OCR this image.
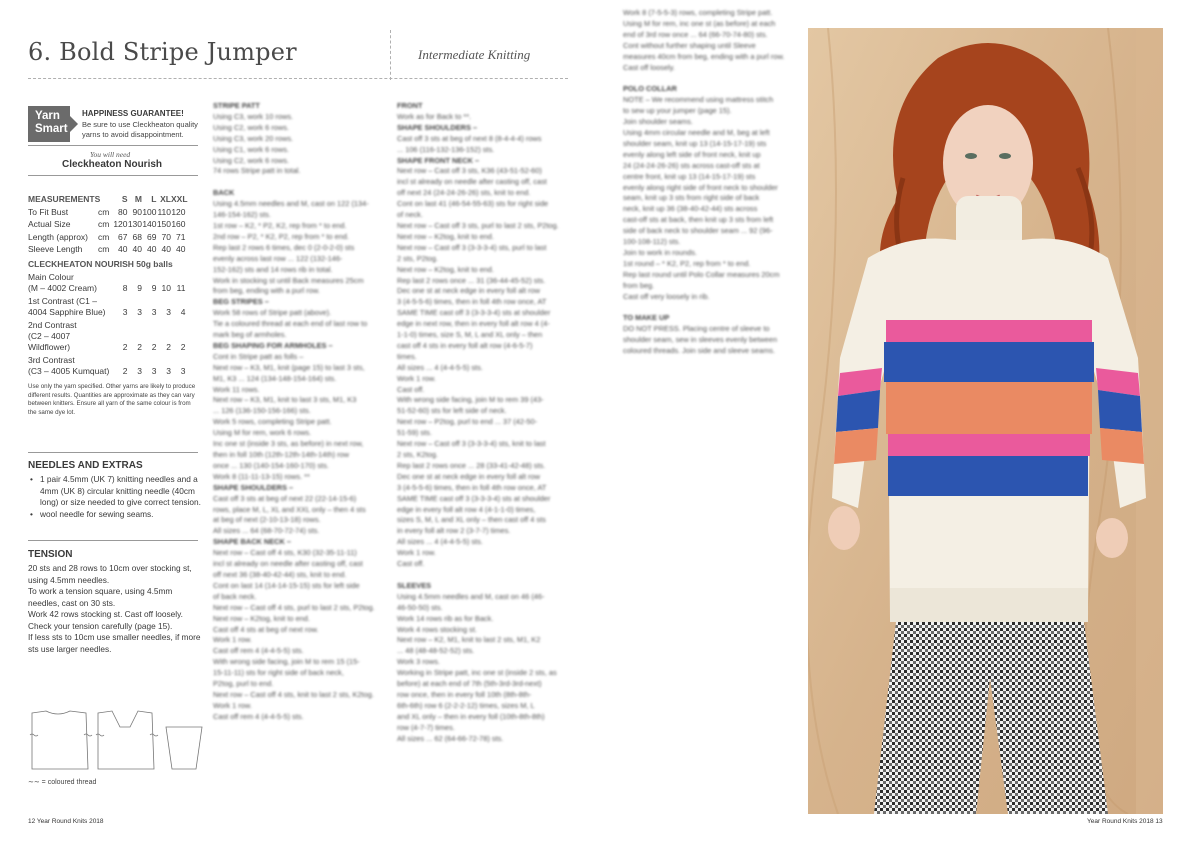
6. Bold Stripe Jumper	Intermediate Knitting
Yarn
Smart
HAPPINESS GUARANTEE!
Be sure to use Cleckheaton quality yarns to avoid disappointment.
You will need
Cleckheaton Nourish
MEASUREMENTS	S M	L XL XXL
To Fit Bust	cm	80 90 100 110 120
Actual Size	cm 120 130 140 150 160
Length (approx)	cm	67 68 69 70 71
Sleeve Length	cm	40 40 40 40 40
CLECKHEATON NOURISH 50g balls
Main Colour
(M – 4002 Cream)	8	9	9 10 11
1st Contrast (C1 –
4004 Sapphire Blue)	3	3	3	3	4
2nd Contrast
(C2 – 4007 Wildflower)	2	2	2	2	2
3rd Contrast
(C3 – 4005 Kumquat)	2	3	3	3	3
Use only the yarn specified. Other yarns are likely to produce different results. Quantities are approximate as they can vary between knitters. Ensure all yarn of the same colour is from the same dye lot.
NEEDLES AND EXTRAS
• 1 pair 4.5mm (UK 7) knitting needles and a 4mm (UK 8) circular knitting needle (40cm long) or size needed to give correct tension.
• wool needle for sewing seams.
TENSION
20 sts and 28 rows to 10cm over stocking st, using 4.5mm needles.
To work a tension square, using 4.5mm needles, cast on 30 sts.
Work 42 rows stocking st. Cast off loosely.
Check your tension carefully (page 15).
If less sts to 10cm use smaller needles, if more sts use larger needles.
∼∼ = coloured thread

STRIPE PATT

Using C3, work 10 rows.

Using C2, work 6 rows.

Using C3, work 20 rows.

Using C1, work 6 rows.

Using C2, work 6 rows.

74 rows Stripe patt in total.

BACK

Using 4.5mm needles and M, cast on 122 (134-

146-154-162) sts.

1st row – K2, * P2, K2, rep from * to end.

2nd row – P2, * K2, P2, rep from * to end.

Rep last 2 rows 6 times, dec 0 (2-0-2-0) sts

evenly across last row ... 122 (132-146-

152-162) sts and 14 rows rib in total.

Work in stocking st until Back measures 25cm

from beg, ending with a purl row.

BEG STRIPES –

Work 58 rows of Stripe patt (above).

Tie a coloured thread at each end of last row to

mark beg of armholes.

BEG SHAPING FOR ARMHOLES –

Cont in Stripe patt as folls –

Next row – K3, M1, knit (page 15) to last 3 sts,

M1, K3 ... 124 (134-148-154-164) sts.

Work 11 rows.

Next row – K3, M1, knit to last 3 sts, M1, K3

... 126 (136-150-156-166) sts.

Work 5 rows, completing Stripe patt.

Using M for rem, work 6 rows.

Inc one st (inside 3 sts, as before) in next row,

then in foll 10th (12th-12th-14th-14th) row

once ... 130 (140-154-160-170) sts.

Work 8 (11-11-13-15) rows. **

SHAPE SHOULDERS –

Cast off 3 sts at beg of next 22 (22-14-15-6)

rows, place M, L, XL and XXL only – then 4 sts

at beg of next (2-10-13-18) rows.

All sizes ... 64 (68-70-72-74) sts.

SHAPE BACK NECK –

Next row – Cast off 4 sts, K30 (32-35-11-11)

incl st already on needle after casting off, cast

off next 36 (38-40-42-44) sts, knit to end.

Cont on last 14 (14-14-15-15) sts for left side

of back neck.

Next row – Cast off 4 sts, purl to last 2 sts, P2tog.

Next row – K2tog, knit to end.

Cast off 4 sts at beg of next row.

Work 1 row.

Cast off rem 4 (4-4-5-5) sts.

With wrong side facing, join M to rem 15 (15-

15-11-11) sts for right side of back neck,

P2tog, purl to end.

Next row – Cast off 4 sts, knit to last 2 sts, K2tog.

Work 1 row.

Cast off rem 4 (4-4-5-5) sts.

FRONT

Work as for Back to **.

SHAPE SHOULDERS –

Cast off 3 sts at beg of next 8 (8-4-4-4) rows

... 106 (116-132-136-152) sts.

SHAPE FRONT NECK –

Next row – Cast off 3 sts, K36 (43-51-52-60)

incl st already on needle after casting off, cast

off next 24 (24-24-26-26) sts, knit to end.

Cont on last 41 (46-54-55-63) sts for right side

of neck.

Next row – Cast off 3 sts, purl to last 2 sts, P2tog.

Next row – K2tog, knit to end.

Next row – Cast off 3 (3-3-3-4) sts, purl to last

2 sts, P2tog.

Next row – K2tog, knit to end.

Rep last 2 rows once ... 31 (36-44-45-52) sts.

Dec one st at neck edge in every foll alt row

3 (4-5-5-6) times, then in foll 4th row once, AT

SAME TIME cast off 3 (3-3-3-4) sts at shoulder

edge in next row, then in every foll alt row 4 (4-

1-1-0) times, size S, M, L and XL only – then

cast off 4 sts in every foll alt row (4-6-5-7)

times.

All sizes ... 4 (4-4-5-5) sts.

Work 1 row.

Cast off.

With wrong side facing, join M to rem 39 (43-

51-52-60) sts for left side of neck.

Next row – P2tog, purl to end ... 37 (42-50-

51-59) sts.

Next row – Cast off 3 (3-3-3-4) sts, knit to last

2 sts, K2tog.

Rep last 2 rows once ... 28 (33-41-42-48) sts.

Dec one st at neck edge in every foll alt row

3 (4-5-5-6) times, then in foll 4th row once, AT

SAME TIME cast off 3 (3-3-3-4) sts at shoulder

edge in every foll alt row 4 (4-1-1-0) times,

sizes S, M, L and XL only – then cast off 4 sts

in every foll alt row 2 (3-7-7) times.

All sizes ... 4 (4-4-5-5) sts.

Work 1 row.

Cast off.

SLEEVES

Using 4.5mm needles and M, cast on 46 (46-

46-50-50) sts.

Work 14 rows rib as for Back.

Work 4 rows stocking st.

Next row – K2, M1, knit to last 2 sts, M1, K2

... 48 (48-48-52-52) sts.

Work 3 rows.

Working in Stripe patt, inc one st (inside 2 sts, as

before) at each end of 7th (5th-3rd-3rd-next)

row once, then in every foll 10th (8th-8th-

6th-6th) row 6 (2-2-2-12) times, sizes M, L

and XL only – then in every foll (10th-8th-8th)

row (4-7-7) times.

All sizes ... 62 (64-66-72-78) sts.

Work 8 (7-5-5-3) rows, completing Stripe patt.

Using M for rem, inc one st (as before) at each

end of 3rd row once ... 64 (66-70-74-80) sts.

Cont without further shaping until Sleeve

measures 40cm from beg, ending with a purl row.

Cast off loosely.

POLO COLLAR

NOTE – We recommend using mattress stitch

to sew up your jumper (page 15).

Join shoulder seams.

Using 4mm circular needle and M, beg at left

shoulder seam, knit up 13 (14-15-17-19) sts

evenly along left side of front neck, knit up

24 (24-24-26-26) sts across cast-off sts at

centre front, knit up 13 (14-15-17-19) sts

evenly along right side of front neck to shoulder

seam, knit up 3 sts from right side of back

neck, knit up 36 (38-40-42-44) sts across

cast-off sts at back, then knit up 3 sts from left

side of back neck to shoulder seam ... 92 (96-

100-108-112) sts.

Join to work in rounds.

1st round – * K2, P2, rep from * to end.

Rep last round until Polo Collar measures 20cm

from beg.

Cast off very loosely in rib.

TO MAKE UP

DO NOT PRESS. Placing centre of sleeve to

shoulder seam, sew in sleeves evenly between

coloured threads. Join side and sleeve seams.

12 Year Round Knits 2018	Year Round Knits 2018 13
